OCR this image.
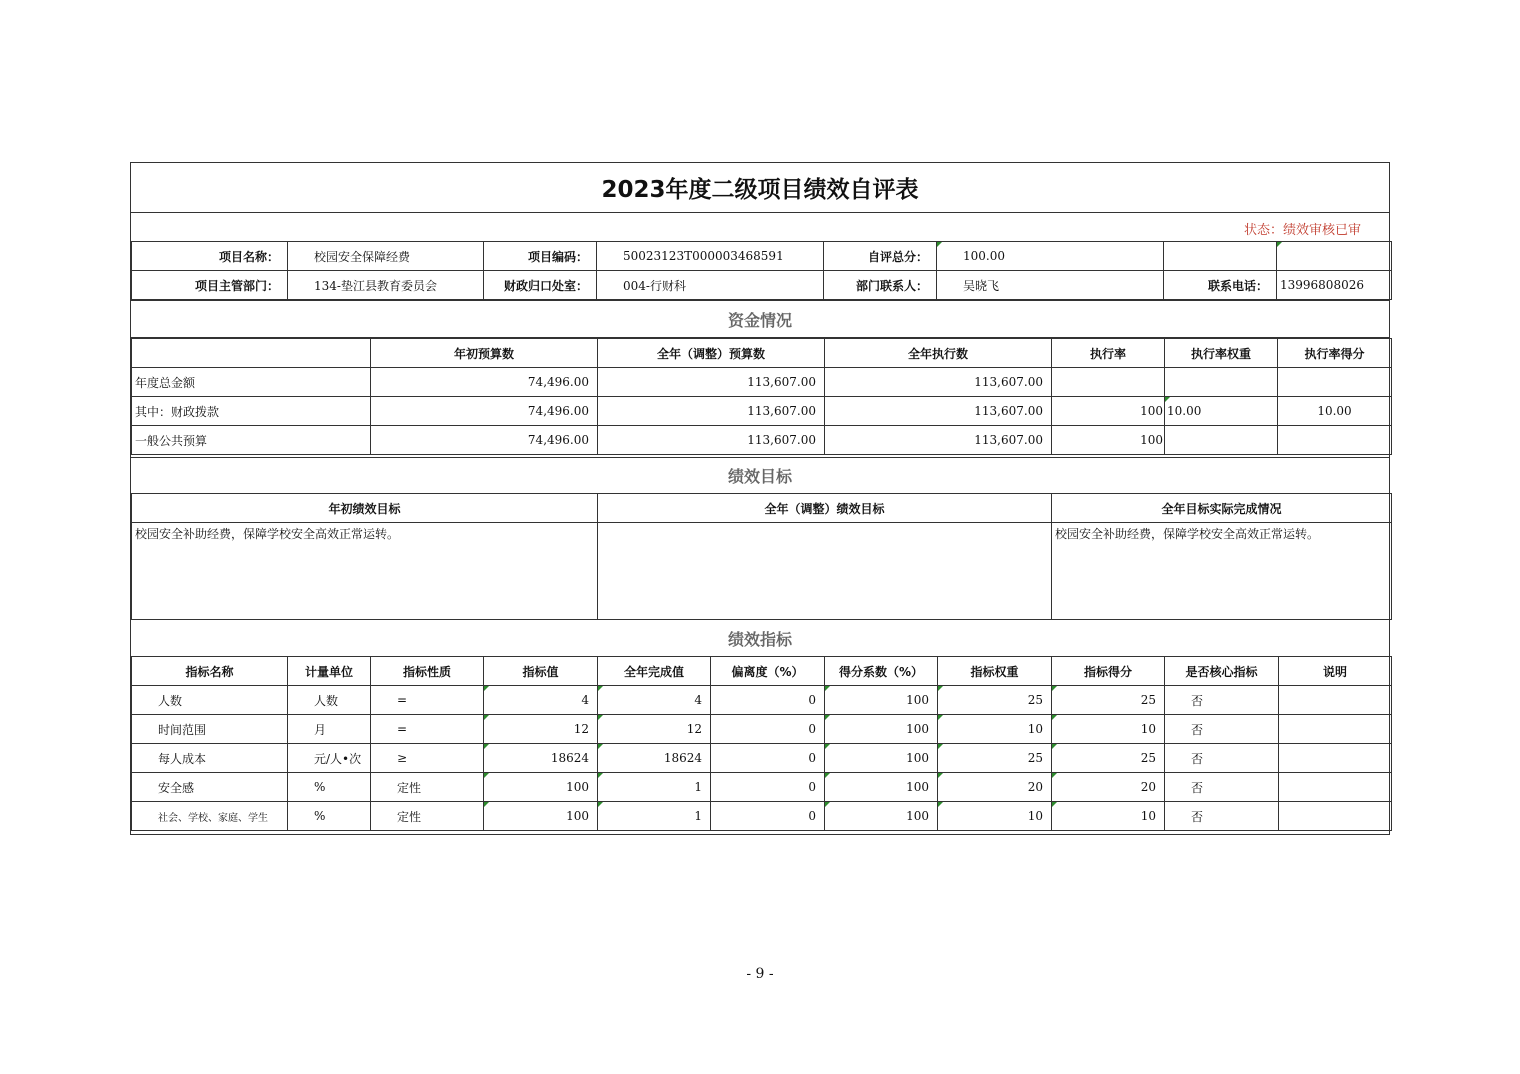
2023年度二级项目绩效自评表
状态：绩效审核已审
项目名称：	校园安全保障经费	项目编码：	50023123T000003468591	自评总分：	100.00		
项目主管部门：	134-垫江县教育委员会	财政归口处室：	004-行财科	部门联系人：	吴晓飞	联系电话：	13996808026
资金情况
	年初预算数	全年（调整）预算数	全年执行数	执行率	执行率权重	执行率得分
年度总金额	74,496.00	113,607.00	113,607.00			
其中：财政拨款	74,496.00	113,607.00	113,607.00	100	10.00	10.00
一般公共预算	74,496.00	113,607.00	113,607.00	100		
绩效目标
年初绩效目标	全年（调整）绩效目标	全年目标实际完成情况
校园安全补助经费，保障学校安全高效正常运转。		校园安全补助经费，保障学校安全高效正常运转。
绩效指标
指标名称	计量单位	指标性质	指标值	全年完成值	偏离度（%）	得分系数（%）	指标权重	指标得分	是否核心指标	说明
人数	人数	=	4	4	0	100	25	25	否	
时间范围	月	=	12	12	0	100	10	10	否	
每人成本	元/人•次	≥	18624	18624	0	100	25	25	否	
安全感	%	定性	100	1	0	100	20	20	否	
社会、学校、家庭、学生	%	定性	100	1	0	100	10	10	否	
- 9 -
